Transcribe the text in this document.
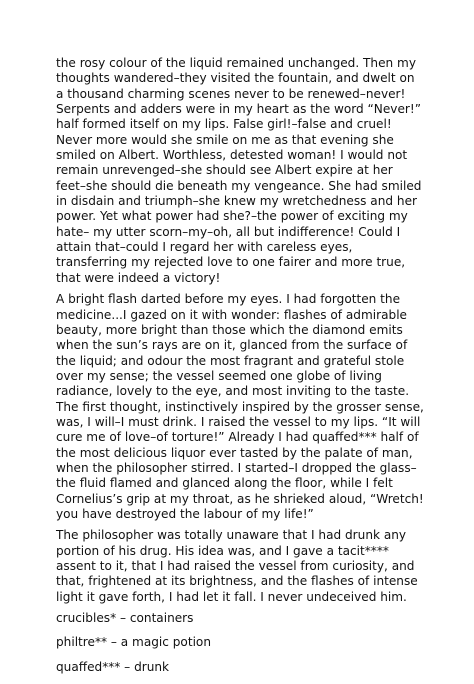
the rosy colour of the liquid remained unchanged. Then my thoughts wandered–they visited the fountain, and dwelt on a thousand charming scenes never to be renewed–never! Serpents and adders were in my heart as the word “Never!” half formed itself on my lips. False girl!–false and cruel! Never more would she smile on me as that evening she smiled on Albert. Worthless, detested woman! I would not remain unrevenged–she should see Albert expire at her feet–she should die beneath my vengeance. She had smiled in disdain and triumph–she knew my wretchedness and her power. Yet what power had she?–the power of exciting my hate– my utter scorn–my–oh, all but indifference! Could I attain that–could I regard her with careless eyes, transferring my rejected love to one fairer and more true, that were indeed a victory!

A bright flash darted before my eyes. I had forgotten the medicine...I gazed on it with wonder: flashes of admirable beauty, more bright than those which the diamond emits when the sun’s rays are on it, glanced from the surface of the liquid; and odour the most fragrant and grateful stole over my sense; the vessel seemed one globe of living radiance, lovely to the eye, and most inviting to the taste. The first thought, instinctively inspired by the grosser sense, was, I will–I must drink. I raised the vessel to my lips. “It will cure me of love–of torture!” Already I had quaffed*** half of the most delicious liquor ever tasted by the palate of man, when the philosopher stirred. I started–I dropped the glass–the fluid flamed and glanced along the floor, while I felt Cornelius’s grip at my throat, as he shrieked aloud, “Wretch! you have destroyed the labour of my life!”

The philosopher was totally unaware that I had drunk any portion of his drug. His idea was, and I gave a tacit**** assent to it, that I had raised the vessel from curiosity, and that, frightened at its brightness, and the flashes of intense light it gave forth, I had let it fall. I never undeceived him.

crucibles* – containers

philtre** – a magic potion

quaffed*** – drunk
